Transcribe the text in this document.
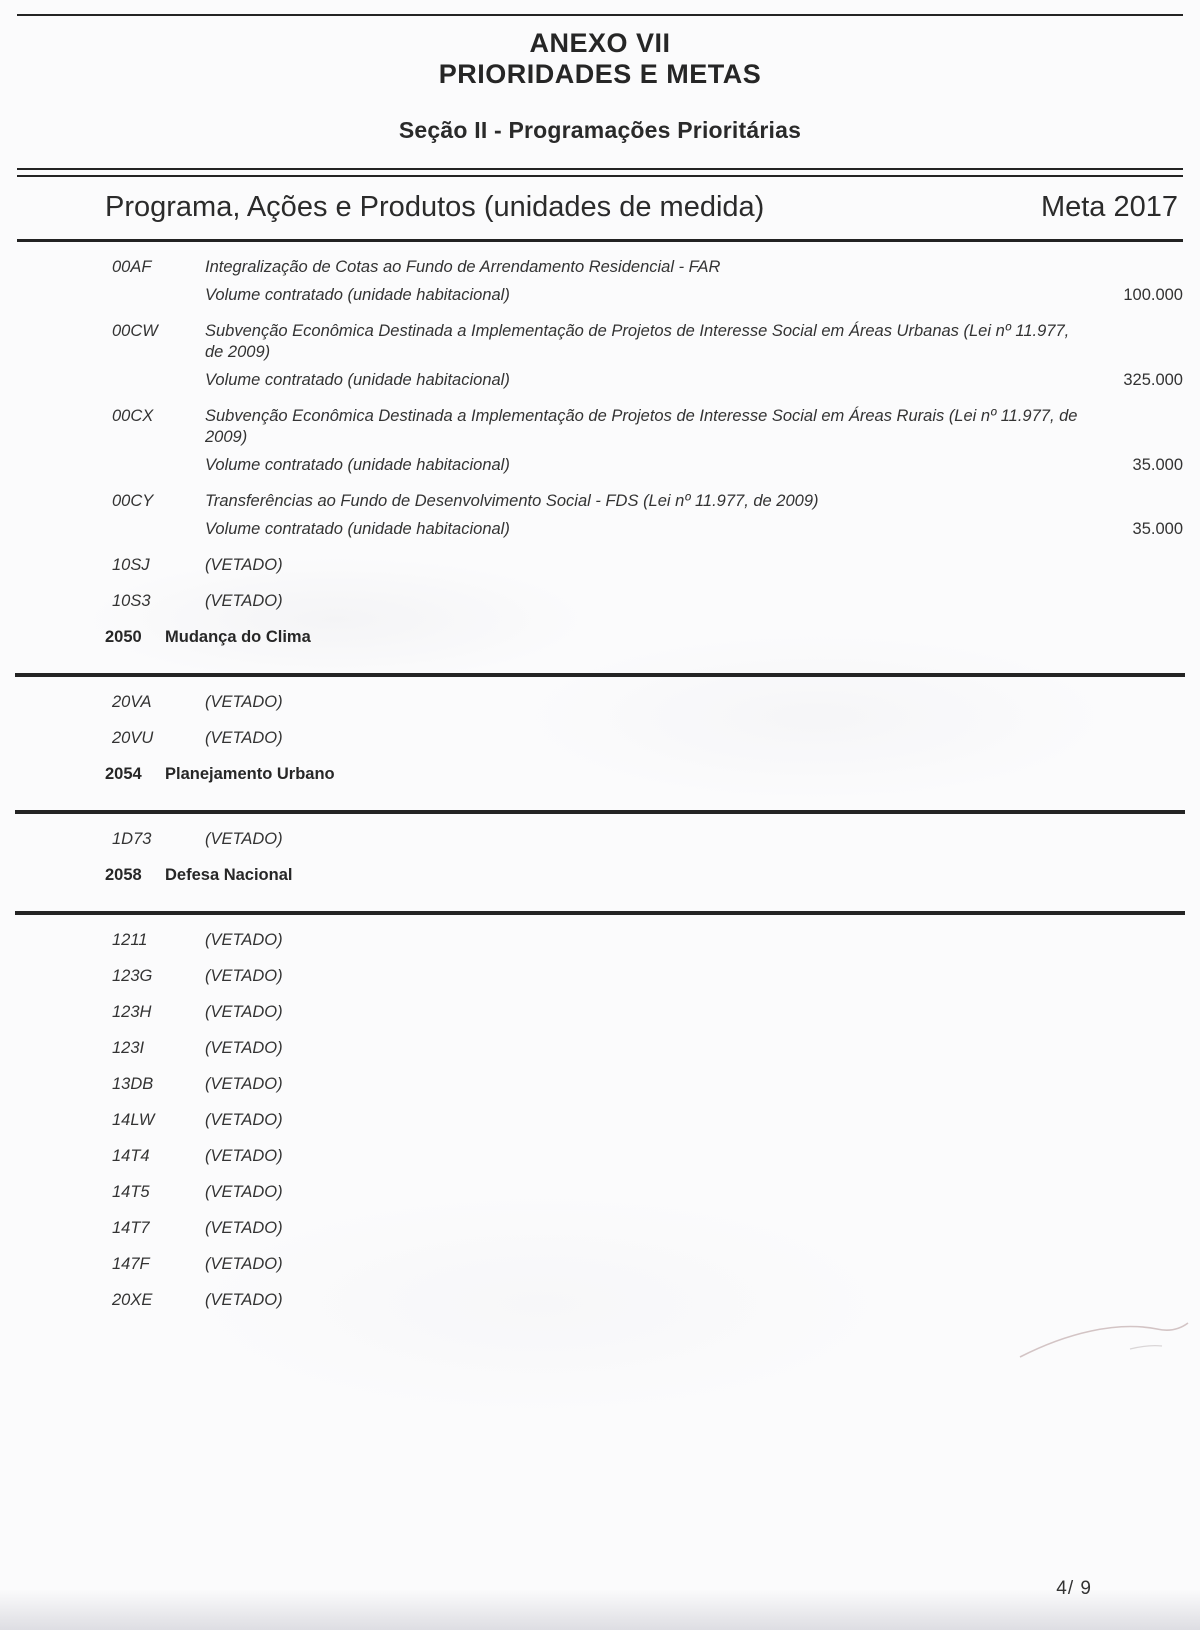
ANEXO VII
PRIORIDADES E METAS
Seção II - Programações Prioritárias
Programa, Ações e Produtos (unidades de medida)	Meta 2017
00AF	Integralização de Cotas ao Fundo de Arrendamento Residencial - FAR
Volume contratado (unidade habitacional)	100.000
00CW	Subvenção Econômica Destinada a Implementação de Projetos de Interesse Social em Áreas Urbanas (Lei nº 11.977, de 2009)
Volume contratado (unidade habitacional)	325.000
00CX	Subvenção Econômica Destinada a Implementação de Projetos de Interesse Social em Áreas Rurais (Lei nº 11.977, de 2009)
Volume contratado (unidade habitacional)	35.000
00CY	Transferências ao Fundo de Desenvolvimento Social - FDS (Lei nº 11.977, de 2009)
Volume contratado (unidade habitacional)	35.000
10SJ	(VETADO)
10S3	(VETADO)
2050	Mudança do Clima
20VA	(VETADO)
20VU	(VETADO)
2054	Planejamento Urbano
1D73	(VETADO)
2058	Defesa Nacional
1211	(VETADO)
123G	(VETADO)
123H	(VETADO)
123I	(VETADO)
13DB	(VETADO)
14LW	(VETADO)
14T4	(VETADO)
14T5	(VETADO)
14T7	(VETADO)
147F	(VETADO)
20XE	(VETADO)
4/ 9
